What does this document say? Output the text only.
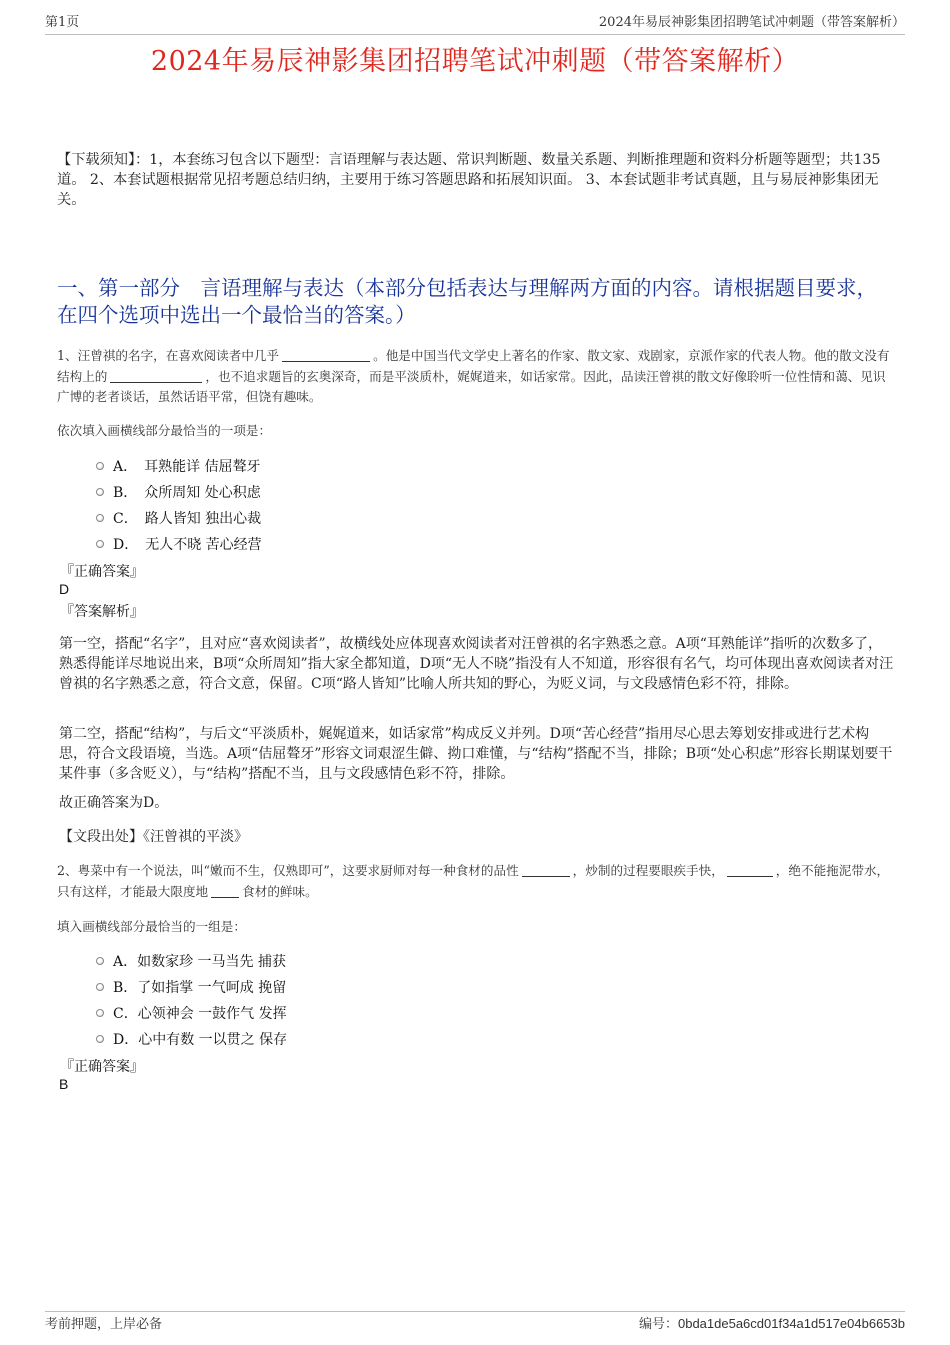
第1页	2024年易辰神影集团招聘笔试冲刺题（带答案解析）
2024年易辰神影集团招聘笔试冲刺题（带答案解析）

【下载须知】：1，本套练习包含以下题型：言语理解与表达题、常识判断题、数量关系题、判断推理题和资料分析题等题型；共135道。 2、本套试题根据常见招考题总结归纳，主要用于练习答题思路和拓展知识面。 3、本套试题非考试真题，且与易辰神影集团无关。

一、第一部分　言语理解与表达（本部分包括表达与理解两方面的内容。请根据题目要求，在四个选项中选出一个最恰当的答案。）

1、汪曾祺的名字，在喜欢阅读者中几乎	。他是中国当代文学史上著名的作家、散文家、戏剧家，京派作家的代表人物。他的散文没有结构上的	，也不追求题旨的玄奥深奇，而是平淡质朴，娓娓道来，如话家常。因此，品读汪曾祺的散文好像聆听一位性情和蔼、见识广博的老者谈话，虽然话语平常，但饶有趣味。

依次填入画横线部分最恰当的一项是：

A．　耳熟能详 佶屈聱牙
B．　众所周知 处心积虑
C．　路人皆知 独出心裁
D．　无人不晓 苦心经营

『正确答案』

D

『答案解析』

第一空，搭配“名字”，且对应“喜欢阅读者”，故横线处应体现喜欢阅读者对汪曾祺的名字熟悉之意。A项“耳熟能详”指听的次数多了，熟悉得能详尽地说出来，B项“众所周知”指大家全都知道，D项“无人不晓”指没有人不知道，形容很有名气，均可体现出喜欢阅读者对汪曾祺的名字熟悉之意，符合文意，保留。C项“路人皆知”比喻人所共知的野心，为贬义词，与文段感情色彩不符，排除。

第二空，搭配“结构”，与后文“平淡质朴，娓娓道来，如话家常”构成反义并列。D项“苦心经营”指用尽心思去筹划安排或进行艺术构思，符合文段语境，当选。A项“佶屈聱牙”形容文词艰涩生僻、拗口难懂，与“结构”搭配不当，排除；B项“处心积虑”形容长期谋划要干某件事（多含贬义），与“结构”搭配不当，且与文段感情色彩不符，排除。

故正确答案为D。

【文段出处】《汪曾祺的平淡》

2、粤菜中有一个说法，叫“嫩而不生，仅熟即可”，这要求厨师对每一种食材的品性	，炒制的过程要眼疾手快，	，绝不能拖泥带水，只有这样，才能最大限度地	食材的鲜味。

填入画横线部分最恰当的一组是：

A．如数家珍 一马当先 捕获
B．了如指掌 一气呵成 挽留
C．心领神会 一鼓作气 发挥
D．心中有数 一以贯之 保存

『正确答案』

B

考前押题，上岸必备	编号：0bda1de5a6cd01f34a1d517e04b6653b
